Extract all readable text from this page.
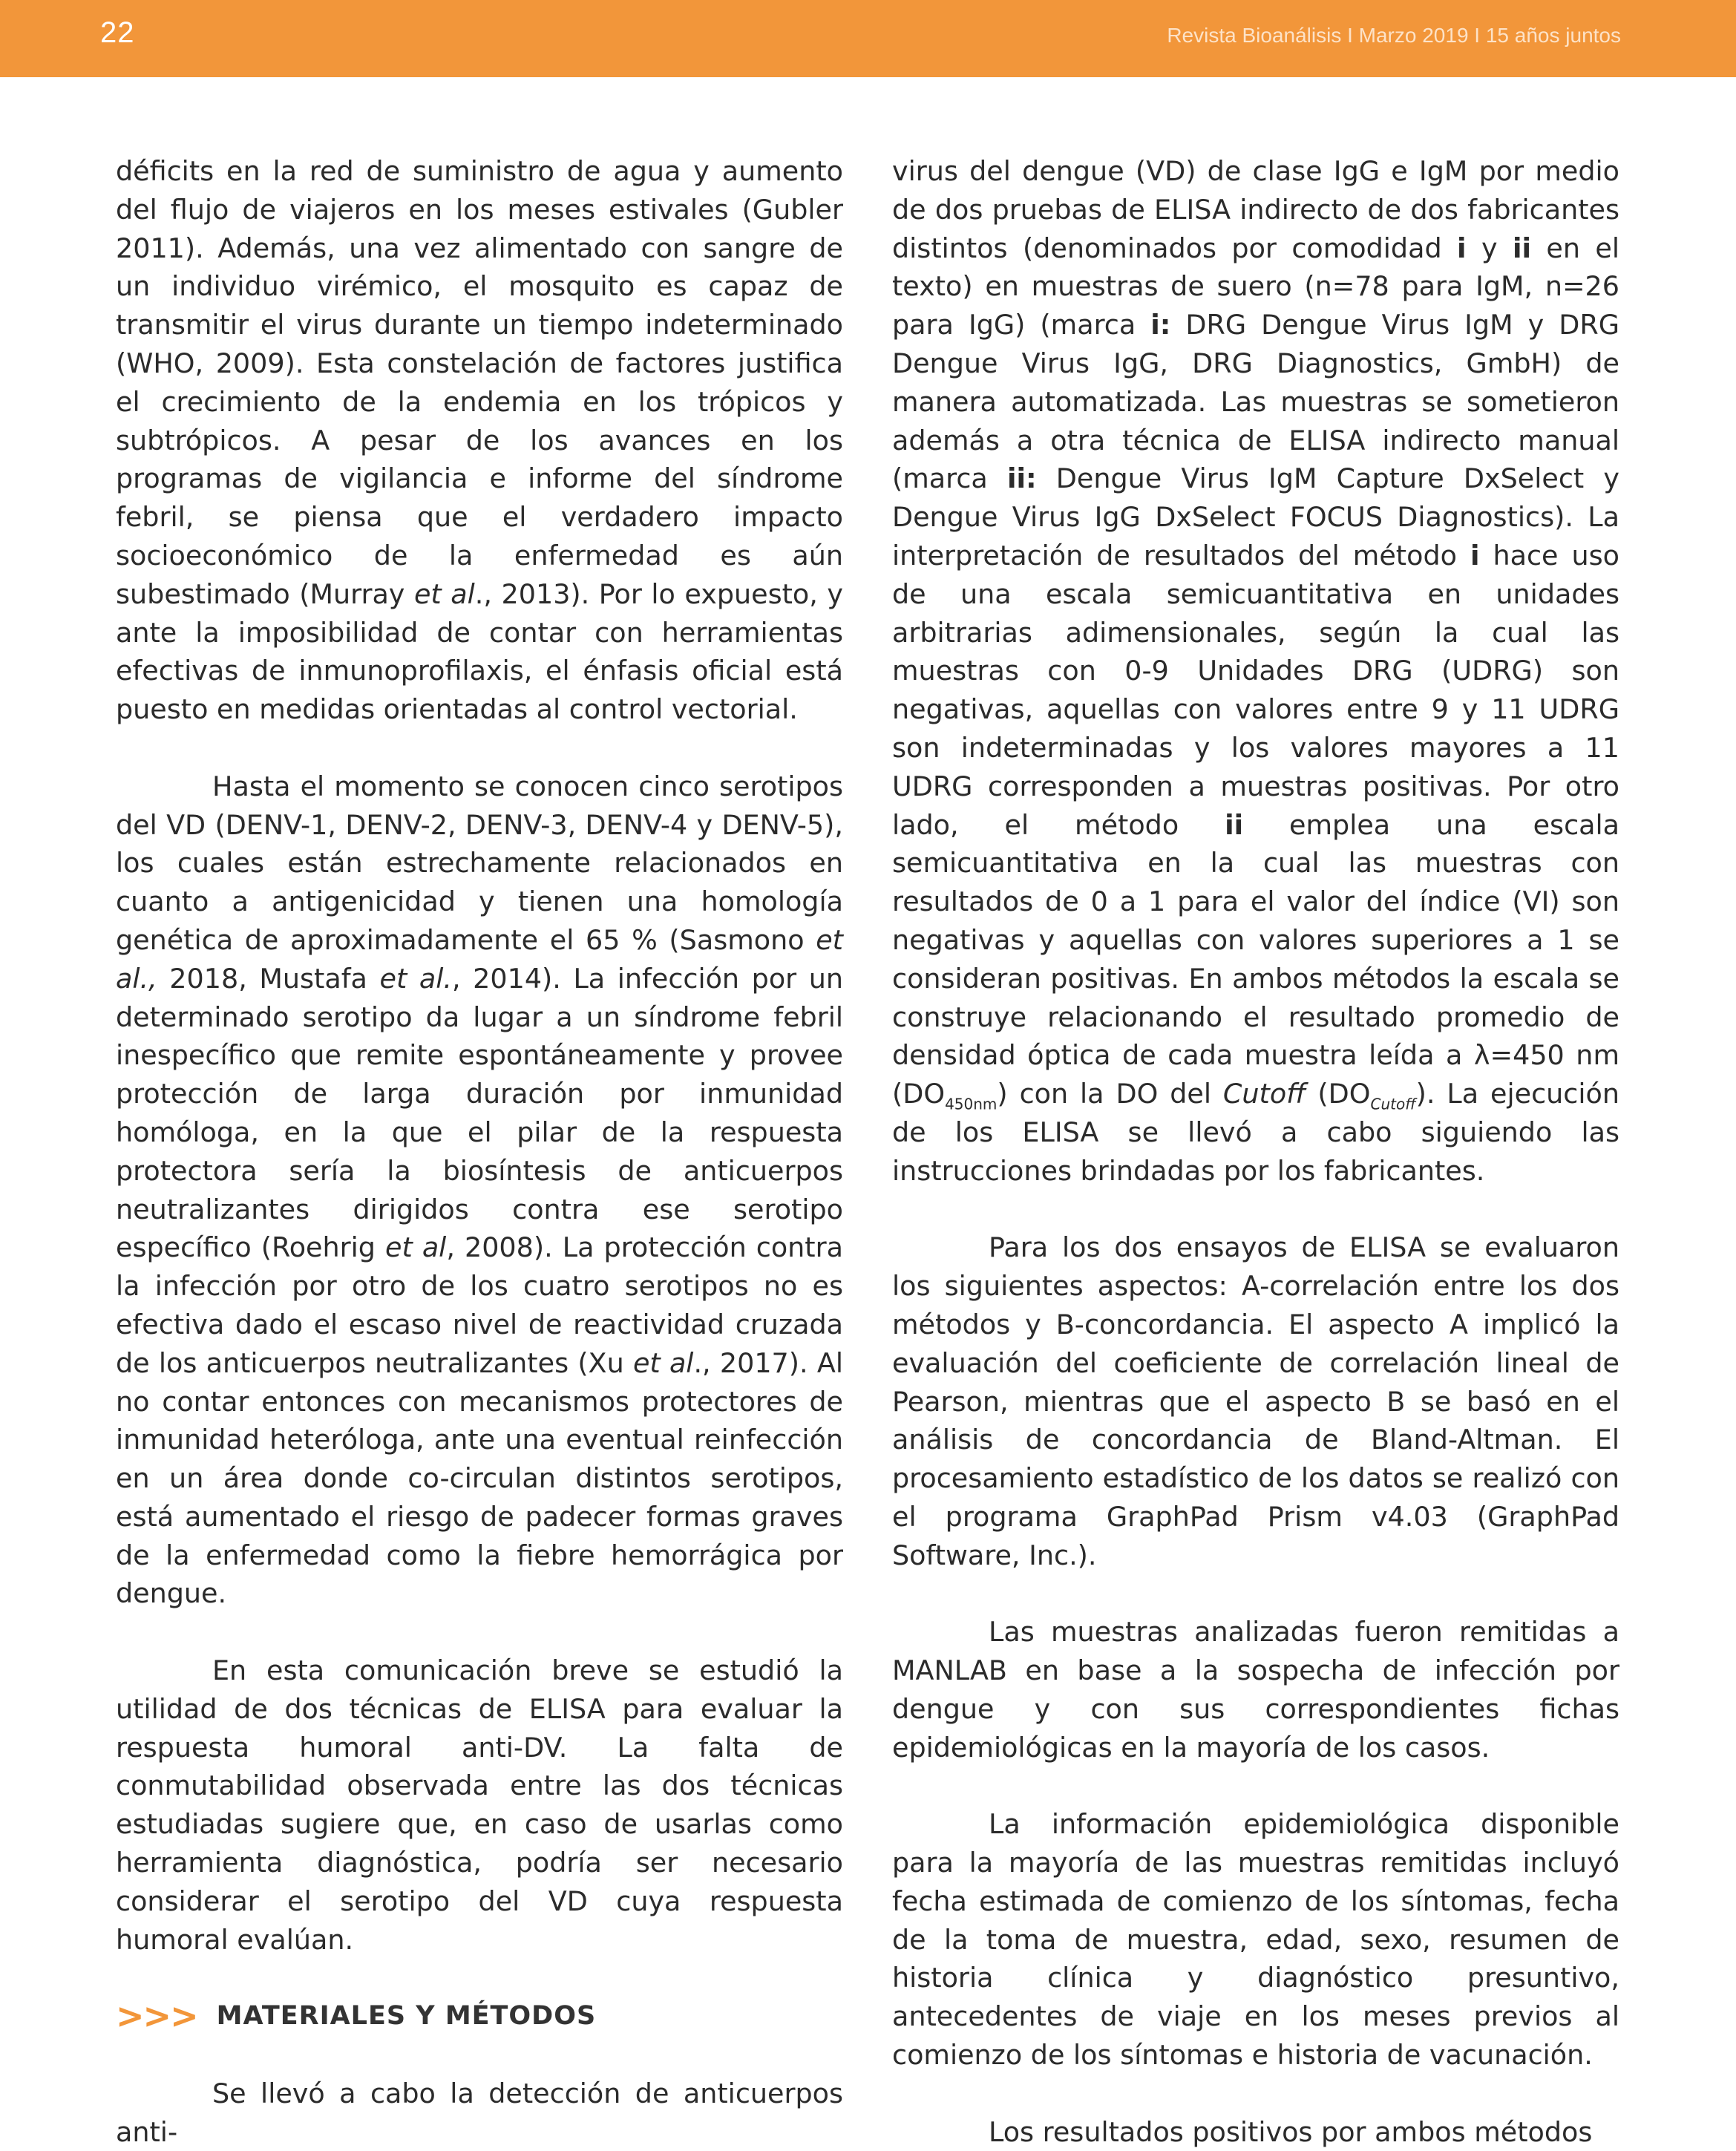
22	Revista Bioanálisis I Marzo 2019 I 15 años juntos

déficits en la red de suministro de agua y aumento del flujo de viajeros en los meses estivales (Gubler 2011). Además, una vez alimentado con sangre de un individuo virémico, el mosquito es capaz de transmitir el virus durante un tiempo indeterminado (WHO, 2009). Esta constelación de factores justifica el crecimiento de la endemia en los trópicos y subtrópicos. A pesar de los avances en los programas de vigilancia e informe del síndrome febril, se piensa que el verdadero impacto socioeconómico de la enfermedad es aún subestimado (Murray et al., 2013). Por lo expuesto, y ante la imposibilidad de contar con herramientas efectivas de inmunoprofilaxis, el énfasis oficial está puesto en medidas orientadas al control vectorial.

Hasta el momento se conocen cinco serotipos del VD (DENV-1, DENV-2, DENV-3, DENV-4 y DENV-5), los cuales están estrechamente relacionados en cuanto a antigenicidad y tienen una homología genética de aproximadamente el 65 % (Sasmono et al., 2018, Mustafa et al., 2014). La infección por un determinado serotipo da lugar a un síndrome febril inespecífico que remite espontáneamente y provee protección de larga duración por inmunidad homóloga, en la que el pilar de la respuesta protectora sería la biosíntesis de anticuerpos neutralizantes dirigidos contra ese serotipo específico (Roehrig et al, 2008). La protección contra la infección por otro de los cuatro serotipos no es efectiva dado el escaso nivel de reactividad cruzada de los anticuerpos neutralizantes (Xu et al., 2017). Al no contar entonces con mecanismos protectores de inmunidad heteróloga, ante una eventual reinfección en un área donde co-circulan distintos serotipos, está aumentado el riesgo de padecer formas graves de la enfermedad como la fiebre hemorrágica por dengue.

En esta comunicación breve se estudió la utilidad de dos técnicas de ELISA para evaluar la respuesta humoral anti-DV. La falta de conmutabilidad observada entre las dos técnicas estudiadas sugiere que, en caso de usarlas como herramienta diagnóstica, podría ser necesario considerar el serotipo del VD cuya respuesta humoral evalúan.

>>> MATERIALES Y MÉTODOS

Se llevó a cabo la detección de anticuerpos anti-

virus del dengue (VD) de clase IgG e IgM por medio de dos pruebas de ELISA indirecto de dos fabricantes distintos (denominados por comodidad i y ii en el texto) en muestras de suero (n=78 para IgM, n=26 para IgG) (marca i: DRG Dengue Virus IgM y DRG Dengue Virus IgG, DRG Diagnostics, GmbH) de manera automatizada. Las muestras se sometieron además a otra técnica de ELISA indirecto manual (marca ii: Dengue Virus IgM Capture DxSelect y Dengue Virus IgG DxSelect FOCUS Diagnostics). La interpretación de resultados del método i hace uso de una escala semicuantitativa en unidades arbitrarias adimensionales, según la cual las muestras con 0-9 Unidades DRG (UDRG) son negativas, aquellas con valores entre 9 y 11 UDRG son indeterminadas y los valores mayores a 11 UDRG corresponden a muestras positivas. Por otro lado, el método ii emplea una escala semicuantitativa en la cual las muestras con resultados de 0 a 1 para el valor del índice (VI) son negativas y aquellas con valores superiores a 1 se consideran positivas. En ambos métodos la escala se construye relacionando el resultado promedio de densidad óptica de cada muestra leída a λ=450 nm $(DO_{450nm})$ con la DO del Cutoff $(DO_{Cutoff})$. La ejecución de los ELISA se llevó a cabo siguiendo las instrucciones brindadas por los fabricantes.

Para los dos ensayos de ELISA se evaluaron los siguientes aspectos: A-correlación entre los dos métodos y B-concordancia. El aspecto A implicó la evaluación del coeficiente de correlación lineal de Pearson, mientras que el aspecto B se basó en el análisis de concordancia de Bland-Altman. El procesamiento estadístico de los datos se realizó con el programa GraphPad Prism v4.03 (GraphPad Software, Inc.).

Las muestras analizadas fueron remitidas a MANLAB en base a la sospecha de infección por dengue y con sus correspondientes fichas epidemiológicas en la mayoría de los casos.

La información epidemiológica disponible para la mayoría de las muestras remitidas incluyó fecha estimada de comienzo de los síntomas, fecha de la toma de muestra, edad, sexo, resumen de historia clínica y diagnóstico presuntivo, antecedentes de viaje en los meses previos al comienzo de los síntomas e historia de vacunación.

Los resultados positivos por ambos métodos
